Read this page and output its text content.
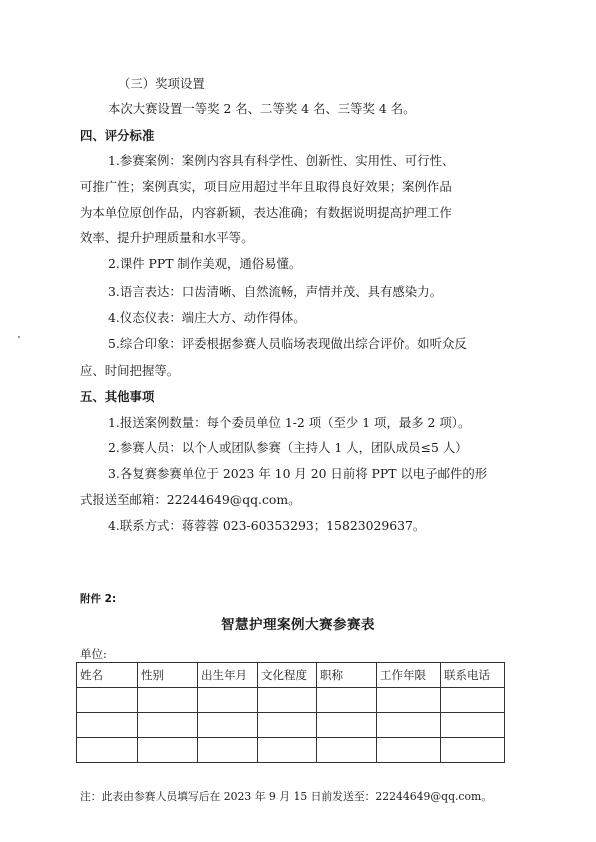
（三）奖项设置
本次大赛设置一等奖 2 名、二等奖 4 名、三等奖 4 名。
四、评分标准
1.参赛案例：案例内容具有科学性、创新性、实用性、可行性、
可推广性；案例真实，项目应用超过半年且取得良好效果；案例作品
为本单位原创作品，内容新颖，表达准确；有数据说明提高护理工作
效率、提升护理质量和水平等。
2.课件 PPT 制作美观，通俗易懂。
3.语言表达：口齿清晰、自然流畅，声情并茂、具有感染力。
4.仪态仪表：端庄大方、动作得体。
5.综合印象：评委根据参赛人员临场表现做出综合评价。如听众反
应、时间把握等。
五、其他事项
1.报送案例数量：每个委员单位 1-2 项（至少 1 项，最多 2 项）。
2.参赛人员：以个人或团队参赛（主持人 1 人，团队成员≤5 人）
3.各复赛参赛单位于 2023 年 10 月 20 日前将 PPT 以电子邮件的形
式报送至邮箱：22244649@qq.com。
4.联系方式：蒋蓉蓉 023-60353293；15823029637。
附件 2:
智慧护理案例大赛参赛表
单位:
姓名	性别	出生年月	文化程度	职称	工作年限	联系电话

注：此表由参赛人员填写后在 2023 年 9 月 15 日前发送至：22244649@qq.com。
